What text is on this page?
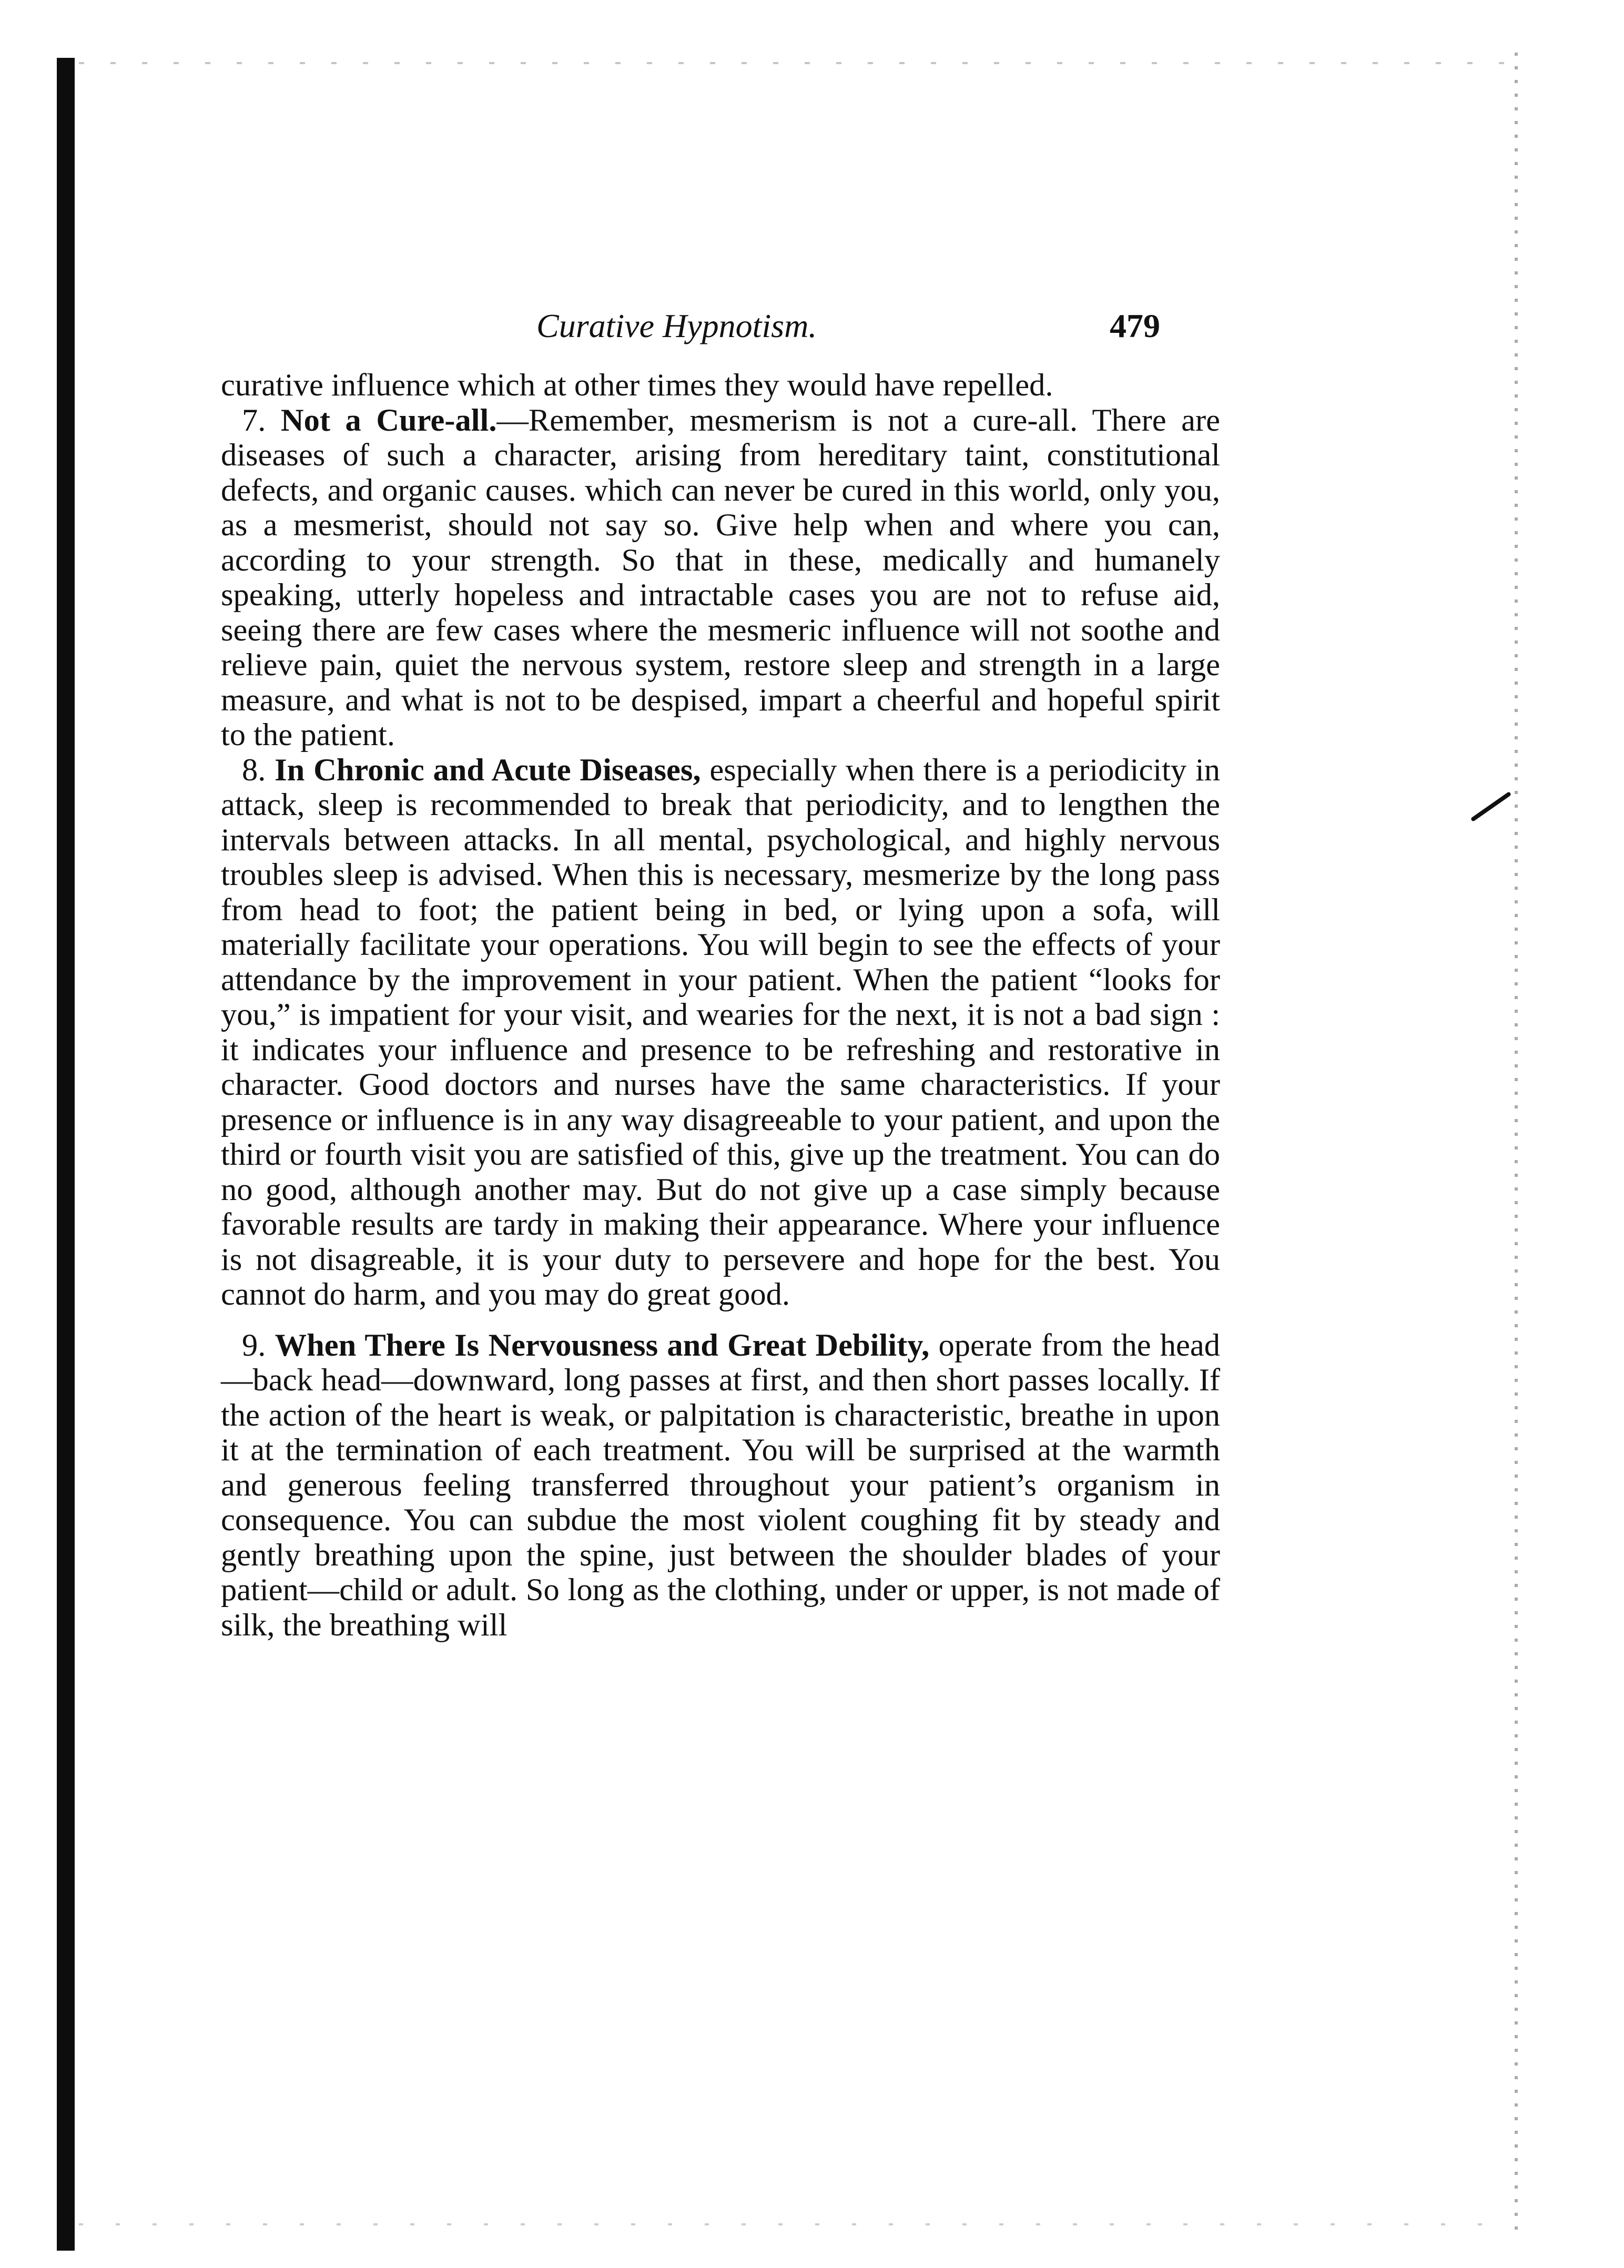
Curative Hypnotism.	479

curative influence which at other times they would have repelled.

7. Not a Cure-all.—Remember, mesmerism is not a cure-all. There are diseases of such a character, arising from hereditary taint, constitutional defects, and organic causes. which can never be cured in this world, only you, as a mesmerist, should not say so. Give help when and where you can, according to your strength. So that in these, medically and humanely speaking, utterly hopeless and intractable cases you are not to refuse aid, seeing there are few cases where the mesmeric influence will not soothe and relieve pain, quiet the nervous system, restore sleep and strength in a large measure, and what is not to be despised, impart a cheerful and hopeful spirit to the patient.

8. In Chronic and Acute Diseases, especially when there is a periodicity in attack, sleep is recommended to break that periodicity, and to lengthen the intervals between attacks. In all mental, psychological, and highly nervous troubles sleep is advised. When this is necessary, mesmerize by the long pass from head to foot; the patient being in bed, or lying upon a sofa, will materially facilitate your operations. You will begin to see the effects of your attendance by the improvement in your patient. When the patient “looks for you,” is impatient for your visit, and wearies for the next, it is not a bad sign : it indicates your influence and presence to be refreshing and restorative in character. Good doctors and nurses have the same characteristics. If your presence or influence is in any way disagreeable to your patient, and upon the third or fourth visit you are satisfied of this, give up the treatment. You can do no good, although another may. But do not give up a case simply because favorable results are tardy in making their appearance. Where your influence is not disagreable, it is your duty to persevere and hope for the best. You cannot do harm, and you may do great good.

9. When There Is Nervousness and Great Debility, operate from the head—back head—downward, long passes at first, and then short passes locally. If the action of the heart is weak, or palpitation is characteristic, breathe in upon it at the termination of each treatment. You will be surprised at the warmth and generous feeling transferred throughout your patient’s organism in consequence. You can subdue the most violent coughing fit by steady and gently breathing upon the spine, just between the shoulder blades of your patient—child or adult. So long as the clothing, under or upper, is not made of silk, the breathing will
